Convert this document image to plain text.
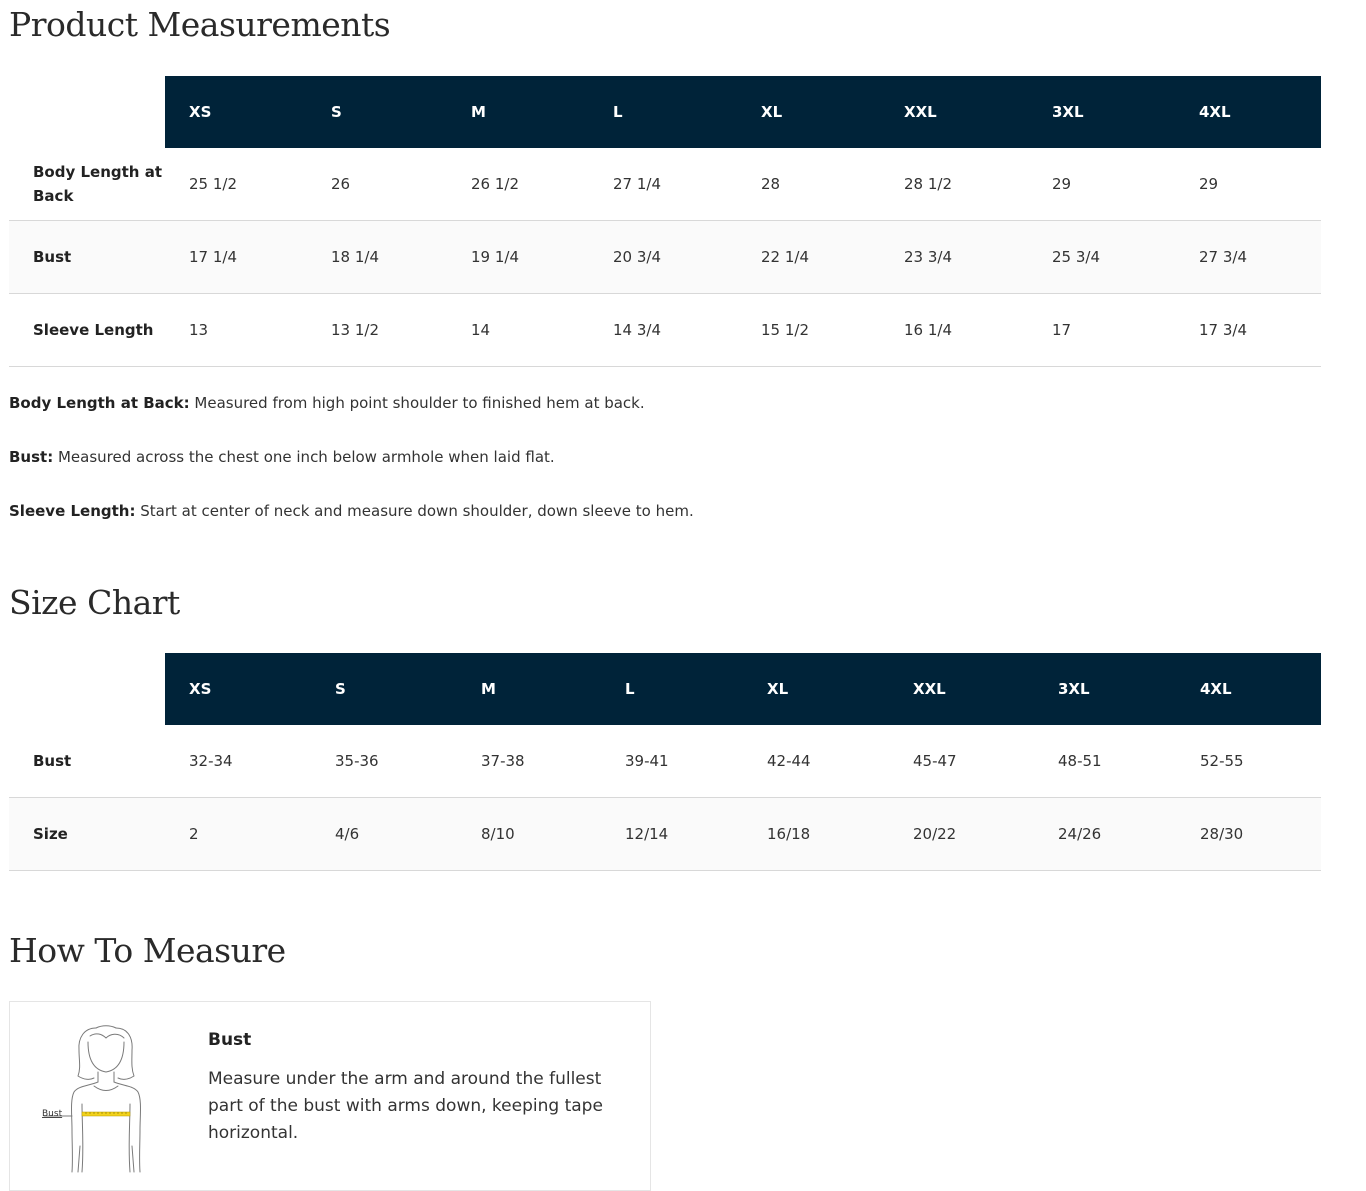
Product Measurements
	XS	S	M	L	XL	XXL	3XL	4XL
Body Length at Back	25 1/2	26	26 1/2	27 1/4	28	28 1/2	29	29
Bust	17 1/4	18 1/4	19 1/4	20 3/4	22 1/4	23 3/4	25 3/4	27 3/4
Sleeve Length	13	13 1/2	14	14 3/4	15 1/2	16 1/4	17	17 3/4

Body Length at Back: Measured from high point shoulder to finished hem at back.

Bust: Measured across the chest one inch below armhole when laid flat.

Sleeve Length: Start at center of neck and measure down shoulder, down sleeve to hem.

Size Chart
	XS	S	M	L	XL	XXL	3XL	4XL
Bust	32-34	35-36	37-38	39-41	42-44	45-47	48-51	52-55
Size	2	4/6	8/10	12/14	16/18	20/22	24/26	28/30
How To Measure
Bust

Bust

Measure under the arm and around the fullest part of the bust with arms down, keeping tape horizontal.
